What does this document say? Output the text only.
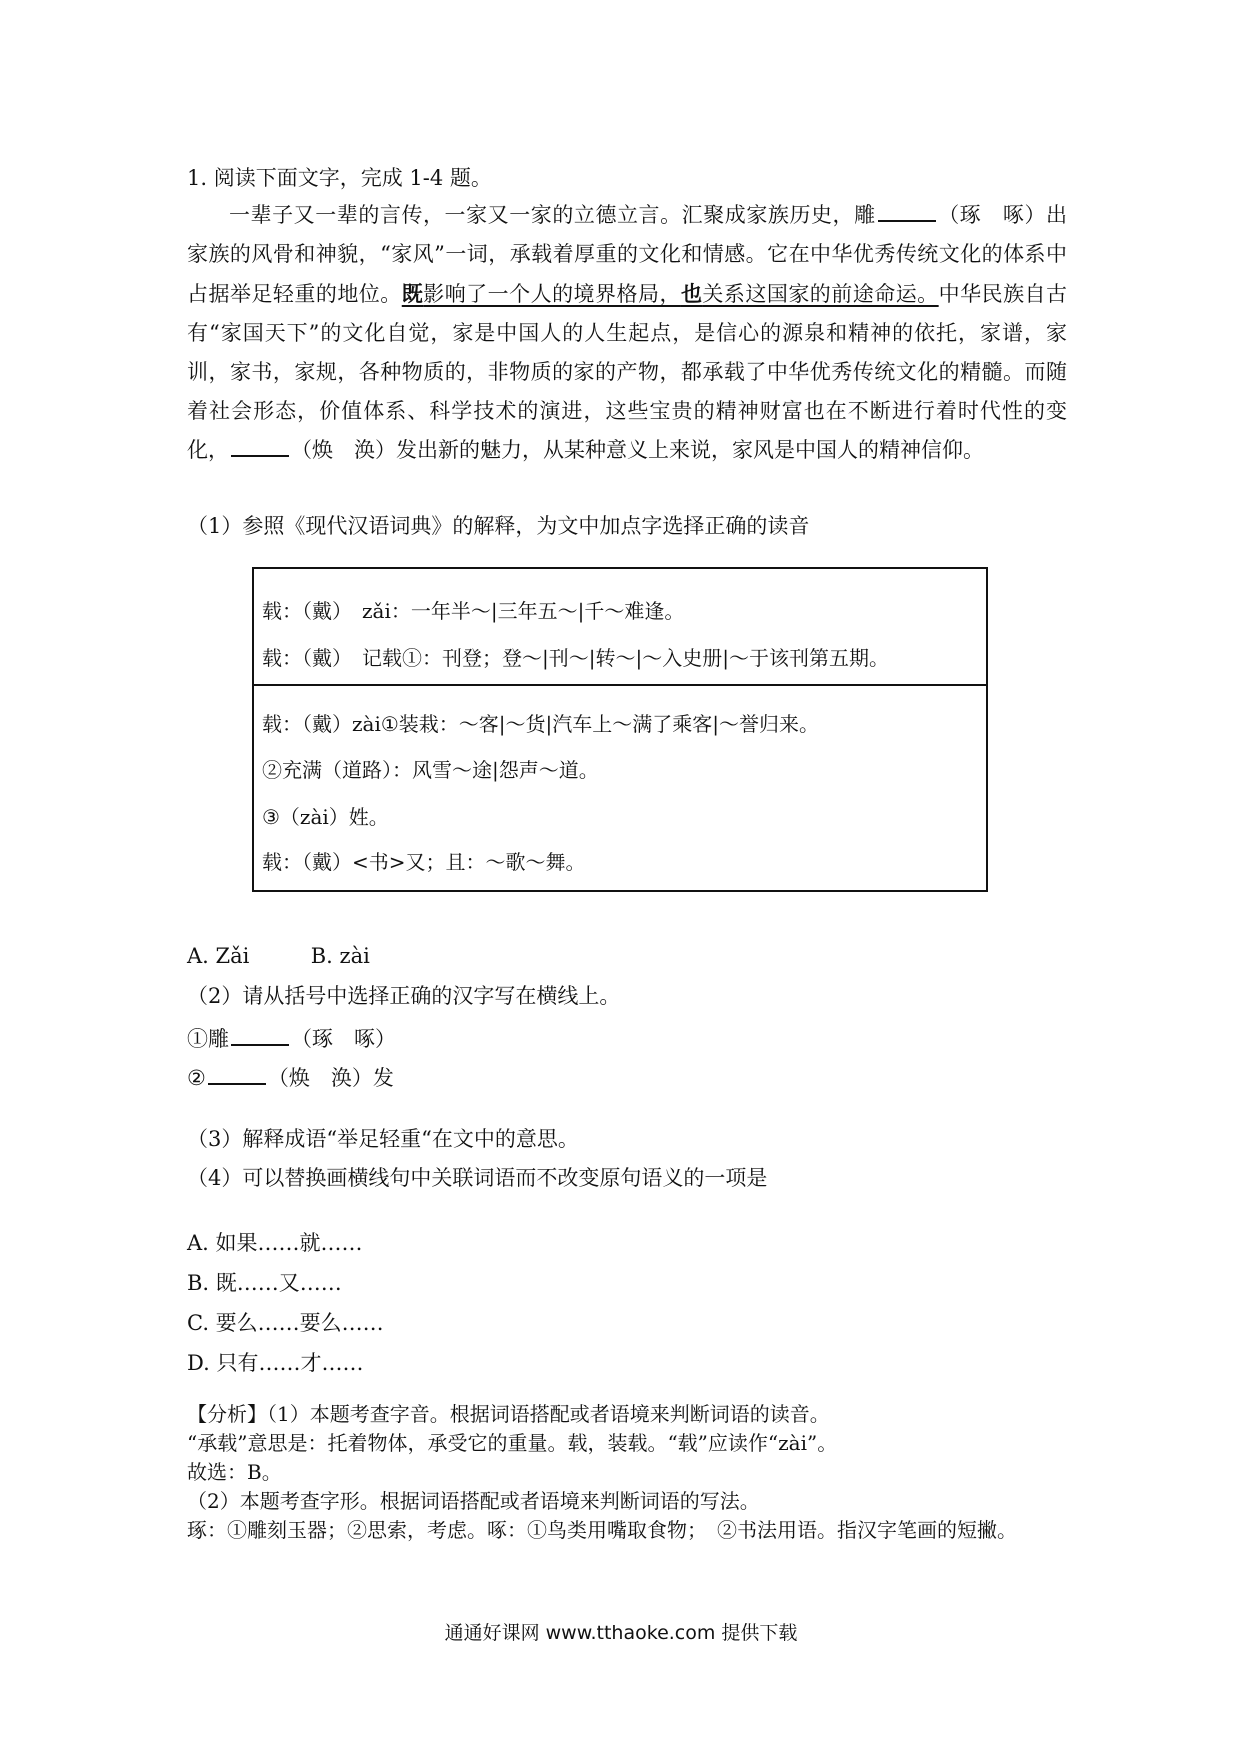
1. 阅读下面文字，完成 1-4 题。
一辈子又一辈的言传，一家又一家的立德立言。汇聚成家族历史，雕	（琢　啄）出家族的风骨和神貌，“家风”一词，承载着厚重的文化和情感。它在中华优秀传统文化的体系中占据举足轻重的地位。既影响了一个人的境界格局，也关系这国家的前途命运。中华民族自古有“家国天下”的文化自觉，家是中国人的人生起点，是信心的源泉和精神的依托，家谱，家训，家书，家规，各种物质的，非物质的家的产物，都承载了中华优秀传统文化的精髓。而随着社会形态，价值体系、科学技术的演进，这些宝贵的精神财富也在不断进行着时代性的变化，	（焕　涣）发出新的魅力，从某种意义上来说，家风是中国人的精神信仰。
（1）参照《现代汉语词典》的解释，为文中加点字选择正确的读音
载：（戴）　zǎi：一年半～|三年五～|千～难逢。
载：（戴）　记载①：刊登；登～|刊～|转～|～入史册|～于该刊第五期。
载：（戴）zài①装栽：～客|～货|汽车上～满了乘客|～誉归来。
②充满（道路）：风雪～途|怨声～道。
③（zài）姓。
载：（戴）<书>又；且：～歌～舞。
A. Zǎi	B. zài
（2）请从括号中选择正确的汉字写在横线上。
①雕	（琢　啄）
②	（焕　涣）发
（3）解释成语“举足轻重“在文中的意思。
（4）可以替换画横线句中关联词语而不改变原句语义的一项是
A. 如果……就……
B. 既……又……
C. 要么……要么……
D. 只有……才……
【分析】（1）本题考查字音。根据词语搭配或者语境来判断词语的读音。
“承载”意思是：托着物体，承受它的重量。载，装载。“载”应读作“zài”。
故选：B。
（2）本题考查字形。根据词语搭配或者语境来判断词语的写法。
琢：①雕刻玉器；②思索，考虑。啄：①鸟类用嘴取食物；　②书法用语。指汉字笔画的短撇。
通通好课网 www.tthaoke.com 提供下载
